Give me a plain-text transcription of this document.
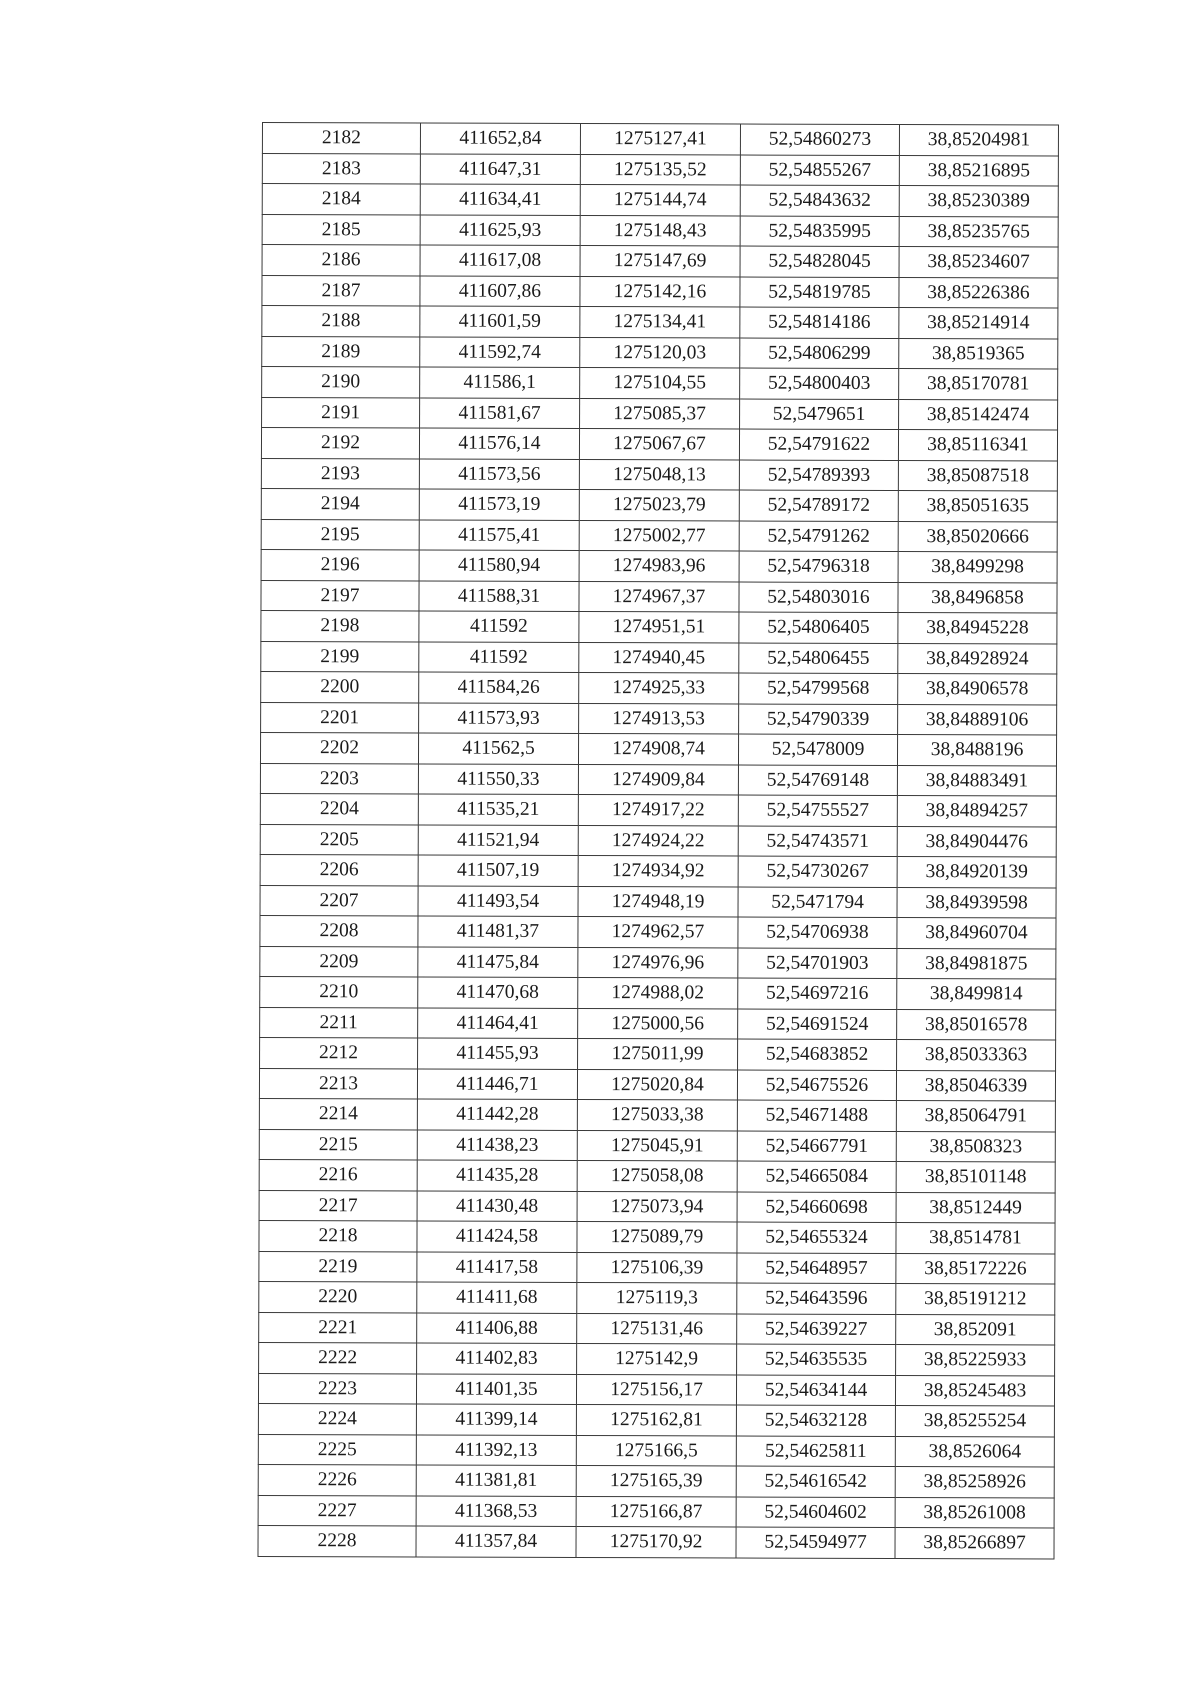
2182	411652,84	1275127,41	52,54860273	38,85204981
2183	411647,31	1275135,52	52,54855267	38,85216895
2184	411634,41	1275144,74	52,54843632	38,85230389
2185	411625,93	1275148,43	52,54835995	38,85235765
2186	411617,08	1275147,69	52,54828045	38,85234607
2187	411607,86	1275142,16	52,54819785	38,85226386
2188	411601,59	1275134,41	52,54814186	38,85214914
2189	411592,74	1275120,03	52,54806299	38,8519365
2190	411586,1	1275104,55	52,54800403	38,85170781
2191	411581,67	1275085,37	52,5479651	38,85142474
2192	411576,14	1275067,67	52,54791622	38,85116341
2193	411573,56	1275048,13	52,54789393	38,85087518
2194	411573,19	1275023,79	52,54789172	38,85051635
2195	411575,41	1275002,77	52,54791262	38,85020666
2196	411580,94	1274983,96	52,54796318	38,8499298
2197	411588,31	1274967,37	52,54803016	38,8496858
2198	411592	1274951,51	52,54806405	38,84945228
2199	411592	1274940,45	52,54806455	38,84928924
2200	411584,26	1274925,33	52,54799568	38,84906578
2201	411573,93	1274913,53	52,54790339	38,84889106
2202	411562,5	1274908,74	52,5478009	38,8488196
2203	411550,33	1274909,84	52,54769148	38,84883491
2204	411535,21	1274917,22	52,54755527	38,84894257
2205	411521,94	1274924,22	52,54743571	38,84904476
2206	411507,19	1274934,92	52,54730267	38,84920139
2207	411493,54	1274948,19	52,5471794	38,84939598
2208	411481,37	1274962,57	52,54706938	38,84960704
2209	411475,84	1274976,96	52,54701903	38,84981875
2210	411470,68	1274988,02	52,54697216	38,8499814
2211	411464,41	1275000,56	52,54691524	38,85016578
2212	411455,93	1275011,99	52,54683852	38,85033363
2213	411446,71	1275020,84	52,54675526	38,85046339
2214	411442,28	1275033,38	52,54671488	38,85064791
2215	411438,23	1275045,91	52,54667791	38,8508323
2216	411435,28	1275058,08	52,54665084	38,85101148
2217	411430,48	1275073,94	52,54660698	38,8512449
2218	411424,58	1275089,79	52,54655324	38,8514781
2219	411417,58	1275106,39	52,54648957	38,85172226
2220	411411,68	1275119,3	52,54643596	38,85191212
2221	411406,88	1275131,46	52,54639227	38,852091
2222	411402,83	1275142,9	52,54635535	38,85225933
2223	411401,35	1275156,17	52,54634144	38,85245483
2224	411399,14	1275162,81	52,54632128	38,85255254
2225	411392,13	1275166,5	52,54625811	38,8526064
2226	411381,81	1275165,39	52,54616542	38,85258926
2227	411368,53	1275166,87	52,54604602	38,85261008
2228	411357,84	1275170,92	52,54594977	38,85266897
